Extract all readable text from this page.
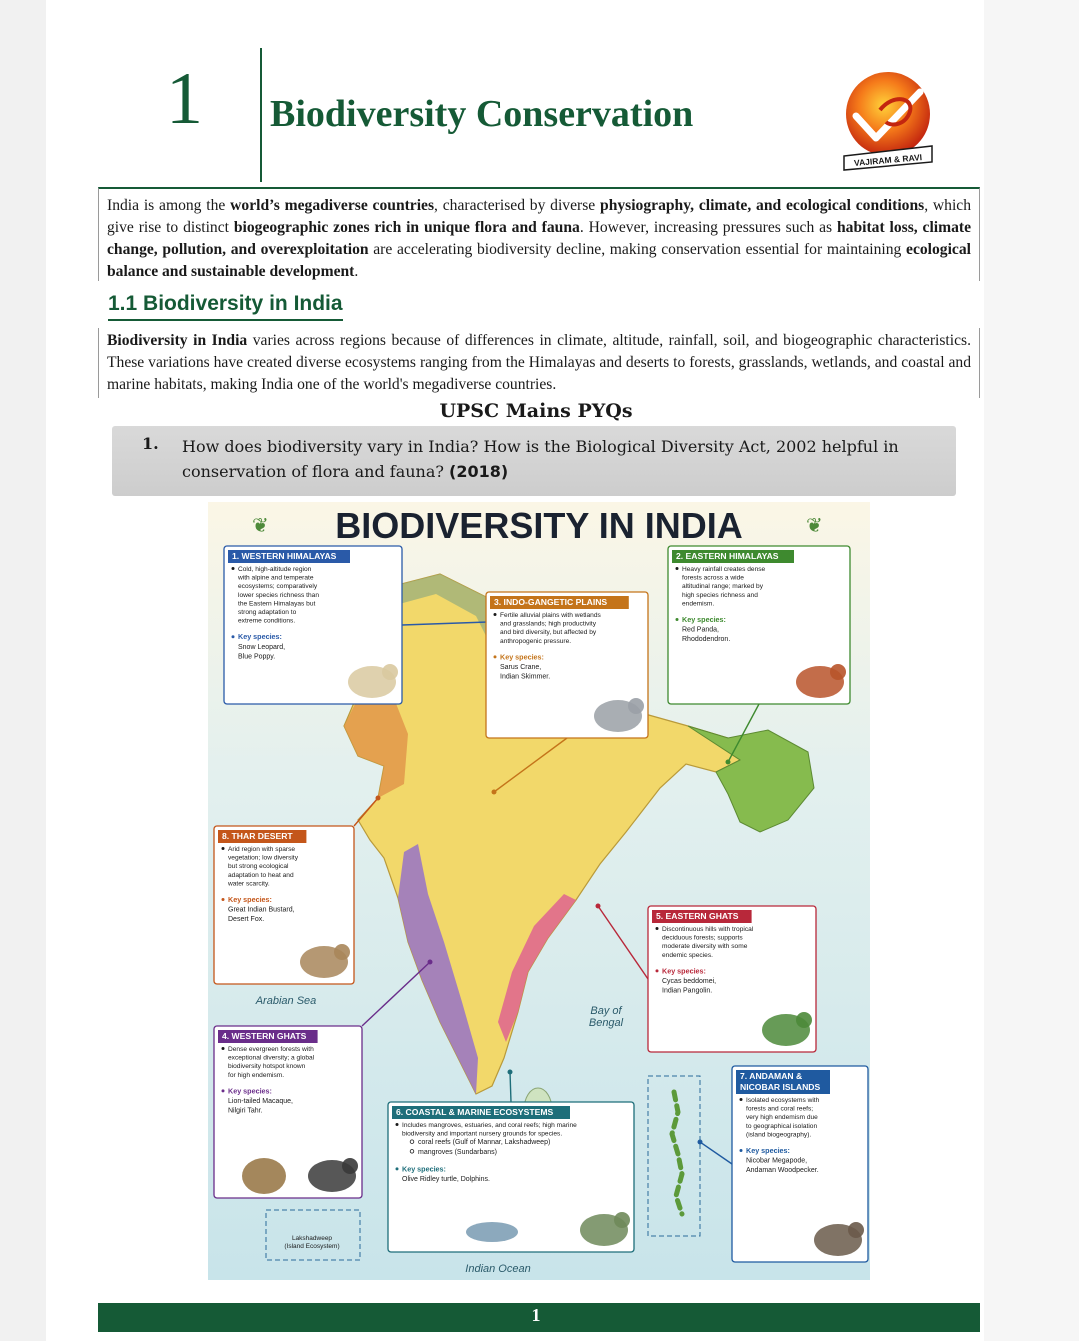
1 Biodiversity Conservation
VAJIRAM & RAVI

India is among the world’s megadiverse countries, characterised by diverse physiography, climate, and ecological conditions, which give rise to distinct biogeographic zones rich in unique flora and fauna. However, increasing pressures such as habitat loss, climate change, pollution, and overexploitation are accelerating biodiversity decline, making conservation essential for maintaining ecological balance and sustainable development.

1.1 Biodiversity in India

Biodiversity in India varies across regions because of differences in climate, altitude, rainfall, soil, and biogeographic characteristics. These variations have created diverse ecosystems ranging from the Himalayas and deserts to forests, grasslands, wetlands, and coastal and marine habitats, making India one of the world's megadiverse countries.

UPSC Mains PYQs
1. How does biodiversity vary in India? How is the Biological Diversity Act, 2002 helpful in conservation of flora and fauna? (2018)
BIODIVERSITY IN INDIA
❦	❦
1. WESTERN HIMALAYAS
Cold, high-altitude region
with alpine and temperate
ecosystems; comparatively
lower species richness than
the Eastern Himalayas but
strong adaptation to
extreme conditions.
Key species:
Snow Leopard,
Blue Poppy.
2. EASTERN HIMALAYAS
Heavy rainfall creates dense
forests across a wide
altitudinal range; marked by
high species richness and
endemism.
Key species:
Red Panda,
Rhododendron.
3. INDO-GANGETIC PLAINS
Fertile alluvial plains with wetlands
and grasslands; high productivity
and bird diversity, but affected by
anthropogenic pressure.
Key species:
Sarus Crane,
Indian Skimmer.
8. THAR DESERT
Arid region with sparse
vegetation; low diversity
but strong ecological
adaptation to heat and
water scarcity.
Key species:
Great Indian Bustard,
Desert Fox.	5. EASTERN GHATS
Discontinuous hills with tropical
deciduous forests; supports
moderate diversity with some
endemic species.
Key species:
Cycas beddomei,
Indian Pangolin.
4. WESTERN GHATS
Dense evergreen forests with
exceptional diversity; a global
biodiversity hotspot known
for high endemism.
Key species:
Lion-tailed Macaque,
Nilgiri Tahr.	6. COASTAL & MARINE ECOSYSTEMS
Includes mangroves, estuaries, and coral reefs; high marine
biodiversity and important nursery grounds for species.
coral reefs (Gulf of Mannar, Lakshadweep)
mangroves (Sundarbans)
Key species:
Olive Ridley turtle, Dolphins.
7. ANDAMAN &
NICOBAR ISLANDS
Isolated ecosystems with
forests and coral reefs;
very high endemism due
to geographical isolation
(island biogeography).
Key species:
Nicobar Megapode,
Andaman Woodpecker.
Arabian Sea
Bay of
Bengal
Indian Ocean
Lakshadweep
(Island Ecosystem)
1
